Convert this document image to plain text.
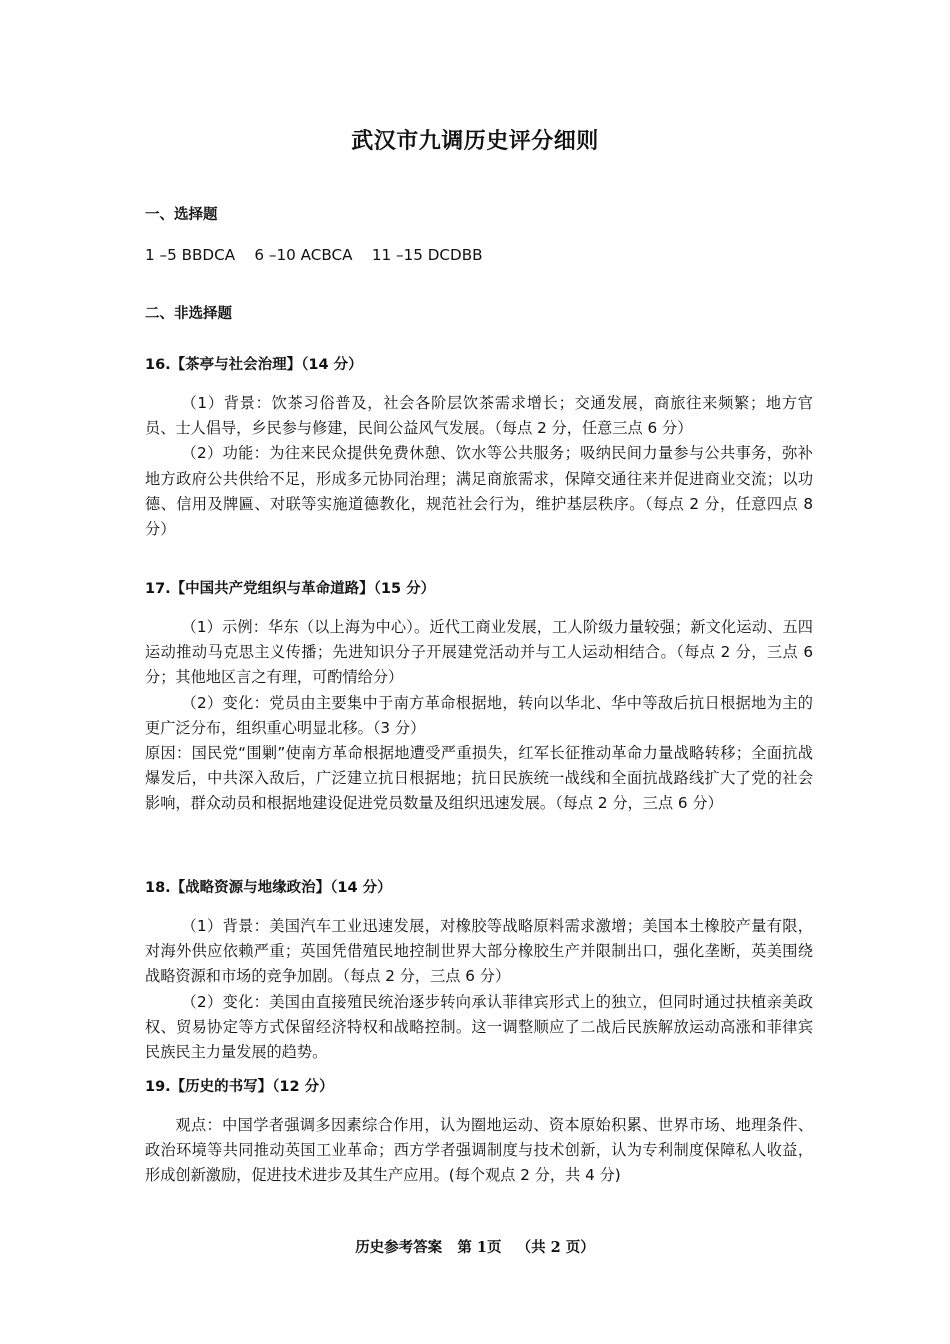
武汉市九调历史评分细则
一、选择题
1 –5 BBDCA    6 –10 ACBCA    11 –15 DCDBB
二、非选择题
16.【茶亭与社会治理】（14 分）

（1）背景：饮茶习俗普及，社会各阶层饮茶需求增长；交通发展，商旅往来频繁；地方官员、士人倡导，乡民参与修建，民间公益风气发展。（每点 2 分，任意三点 6 分）

（2）功能：为往来民众提供免费休憩、饮水等公共服务；吸纳民间力量参与公共事务，弥补地方政府公共供给不足，形成多元协同治理；满足商旅需求，保障交通往来并促进商业交流；以功德、信用及牌匾、对联等实施道德教化，规范社会行为，维护基层秩序。（每点 2 分，任意四点 8 分）

17.【中国共产党组织与革命道路】（15 分）

（1）示例：华东（以上海为中心）。近代工商业发展，工人阶级力量较强；新文化运动、五四运动推动马克思主义传播；先进知识分子开展建党活动并与工人运动相结合。（每点 2 分，三点 6 分；其他地区言之有理，可酌情给分）

（2）变化：党员由主要集中于南方革命根据地，转向以华北、华中等敌后抗日根据地为主的更广泛分布，组织重心明显北移。（3 分）

原因：国民党“围剿”使南方革命根据地遭受严重损失，红军长征推动革命力量战略转移；全面抗战爆发后，中共深入敌后，广泛建立抗日根据地；抗日民族统一战线和全面抗战路线扩大了党的社会影响，群众动员和根据地建设促进党员数量及组织迅速发展。（每点 2 分，三点 6 分）

18.【战略资源与地缘政治】（14 分）

（1）背景：美国汽车工业迅速发展，对橡胶等战略原料需求激增；美国本土橡胶产量有限，对海外供应依赖严重；英国凭借殖民地控制世界大部分橡胶生产并限制出口，强化垄断，英美围绕战略资源和市场的竞争加剧。（每点 2 分，三点 6 分）

（2）变化：美国由直接殖民统治逐步转向承认菲律宾形式上的独立，但同时通过扶植亲美政权、贸易协定等方式保留经济特权和战略控制。这一调整顺应了二战后民族解放运动高涨和菲律宾民族民主力量发展的趋势。

19.【历史的书写】（12 分）

观点：中国学者强调多因素综合作用，认为圈地运动、资本原始积累、世界市场、地理条件、政治环境等共同推动英国工业革命；西方学者强调制度与技术创新，认为专利制度保障私人收益，形成创新激励，促进技术进步及其生产应用。(每个观点 2 分，共 4 分)

历史参考答案   第 1页   （共 2 页）
